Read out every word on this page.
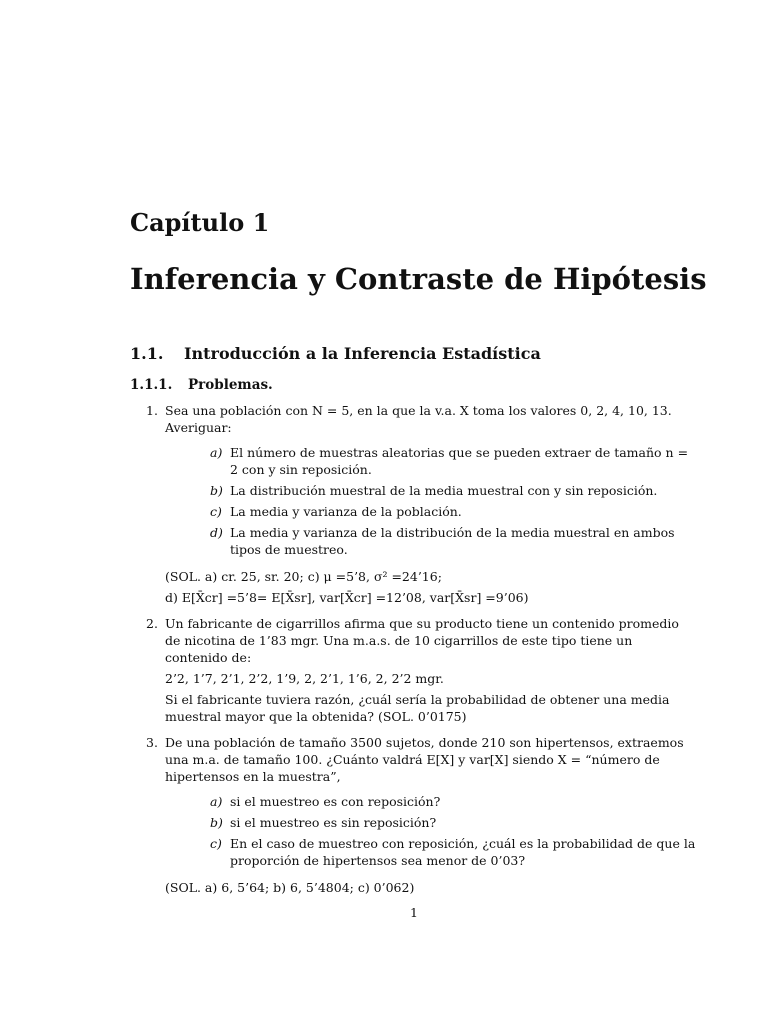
Capítulo 1
Inferencia y Contraste de Hipótesis
1.1. Introducción a la Inferencia Estadística
1.1.1. Problemas.
1. Sea una población con N = 5, en la que la v.a. X toma los valores 0, 2, 4, 10, 13. Averiguar:

a) El número de muestras aleatorias que se pueden extraer de tamaño n = 2 con y sin reposición.
b) La distribución muestral de la media muestral con y sin reposición.
c) La media y varianza de la población.
d) La media y varianza de la distribución de la media muestral en ambos tipos de muestreo.

(SOL. a) cr. 25, sr. 20; c) μ =5’8, σ² =24’16;

d) E[X̄cr] =5’8= E[X̄sr], var[X̄cr] =12’08, var[X̄sr] =9’06)

2. Un fabricante de cigarrillos afirma que su producto tiene un contenido promedio de nicotina de 1’83 mgr. Una m.a.s. de 10 cigarrillos de este tipo tiene un contenido de:

2’2, 1’7, 2’1, 2’2, 1’9, 2, 2’1, 1’6, 2, 2’2 mgr.

Si el fabricante tuviera razón, ¿cuál sería la probabilidad de obtener una media muestral mayor que la obtenida? (SOL. 0’0175)

3. De una población de tamaño 3500 sujetos, donde 210 son hipertensos, extraemos una m.a. de tamaño 100. ¿Cuánto valdrá E[X] y var[X] siendo X = “número de hipertensos en la muestra”,

a) si el muestreo es con reposición?
b) si el muestreo es sin reposición?
c) En el caso de muestreo con reposición, ¿cuál es la probabilidad de que la proporción de hipertensos sea menor de 0’03?

(SOL. a) 6, 5’64; b) 6, 5’4804; c) 0’062)

1
